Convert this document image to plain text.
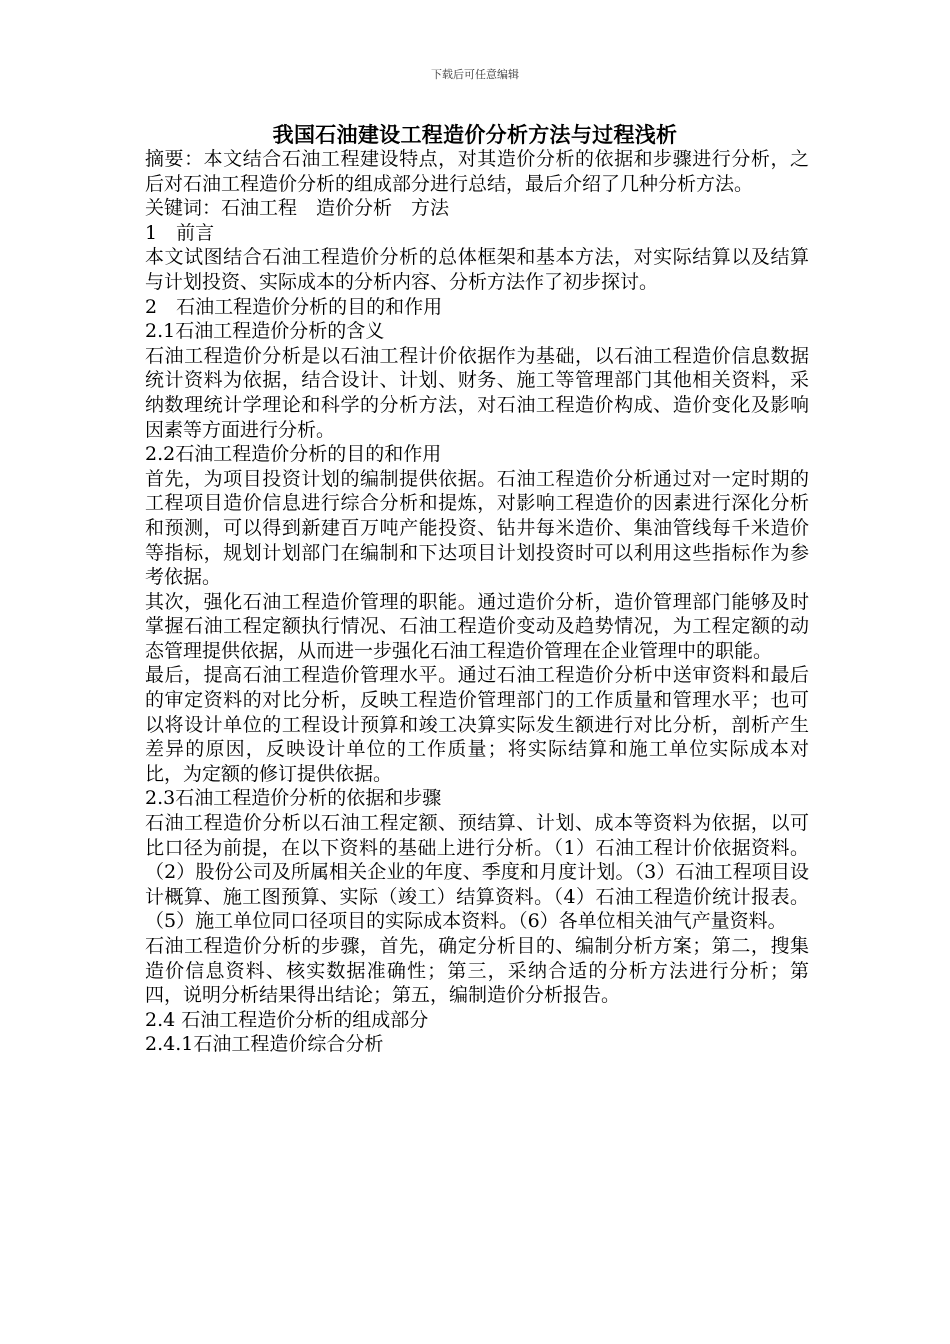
下载后可任意编辑
我国石油建设工程造价分析方法与过程浅析

摘要：本文结合石油工程建设特点，对其造价分析的依据和步骤进行分析，之后对石油工程造价分析的组成部分进行总结，最后介绍了几种分析方法。

关键词：石油工程　造价分析　方法

1　前言

本文试图结合石油工程造价分析的总体框架和基本方法，对实际结算以及结算与计划投资、实际成本的分析内容、分析方法作了初步探讨。

2　石油工程造价分析的目的和作用

2.1石油工程造价分析的含义

石油工程造价分析是以石油工程计价依据作为基础，以石油工程造价信息数据统计资料为依据，结合设计、计划、财务、施工等管理部门其他相关资料，采纳数理统计学理论和科学的分析方法，对石油工程造价构成、造价变化及影响因素等方面进行分析。

2.2石油工程造价分析的目的和作用

首先，为项目投资计划的编制提供依据。石油工程造价分析通过对一定时期的工程项目造价信息进行综合分析和提炼，对影响工程造价的因素进行深化分析和预测，可以得到新建百万吨产能投资、钻井每米造价、集油管线每千米造价等指标，规划计划部门在编制和下达项目计划投资时可以利用这些指标作为参考依据。

其次，强化石油工程造价管理的职能。通过造价分析，造价管理部门能够及时掌握石油工程定额执行情况、石油工程造价变动及趋势情况，为工程定额的动态管理提供依据，从而进一步强化石油工程造价管理在企业管理中的职能。

最后，提高石油工程造价管理水平。通过石油工程造价分析中送审资料和最后的审定资料的对比分析，反映工程造价管理部门的工作质量和管理水平；也可以将设计单位的工程设计预算和竣工决算实际发生额进行对比分析，剖析产生差异的原因，反映设计单位的工作质量；将实际结算和施工单位实际成本对比，为定额的修订提供依据。

2.3石油工程造价分析的依据和步骤

石油工程造价分析以石油工程定额、预结算、计划、成本等资料为依据，以可比口径为前提，在以下资料的基础上进行分析。（1）石油工程计价依据资料。（2）股份公司及所属相关企业的年度、季度和月度计划。（3）石油工程项目设计概算、施工图预算、实际（竣工）结算资料。（4）石油工程造价统计报表。（5）施工单位同口径项目的实际成本资料。（6）各单位相关油气产量资料。

石油工程造价分析的步骤，首先，确定分析目的、编制分析方案；第二，搜集造价信息资料、核实数据准确性；第三，采纳合适的分析方法进行分析；第四，说明分析结果得出结论；第五，编制造价分析报告。

2.4 石油工程造价分析的组成部分

2.4.1石油工程造价综合分析
